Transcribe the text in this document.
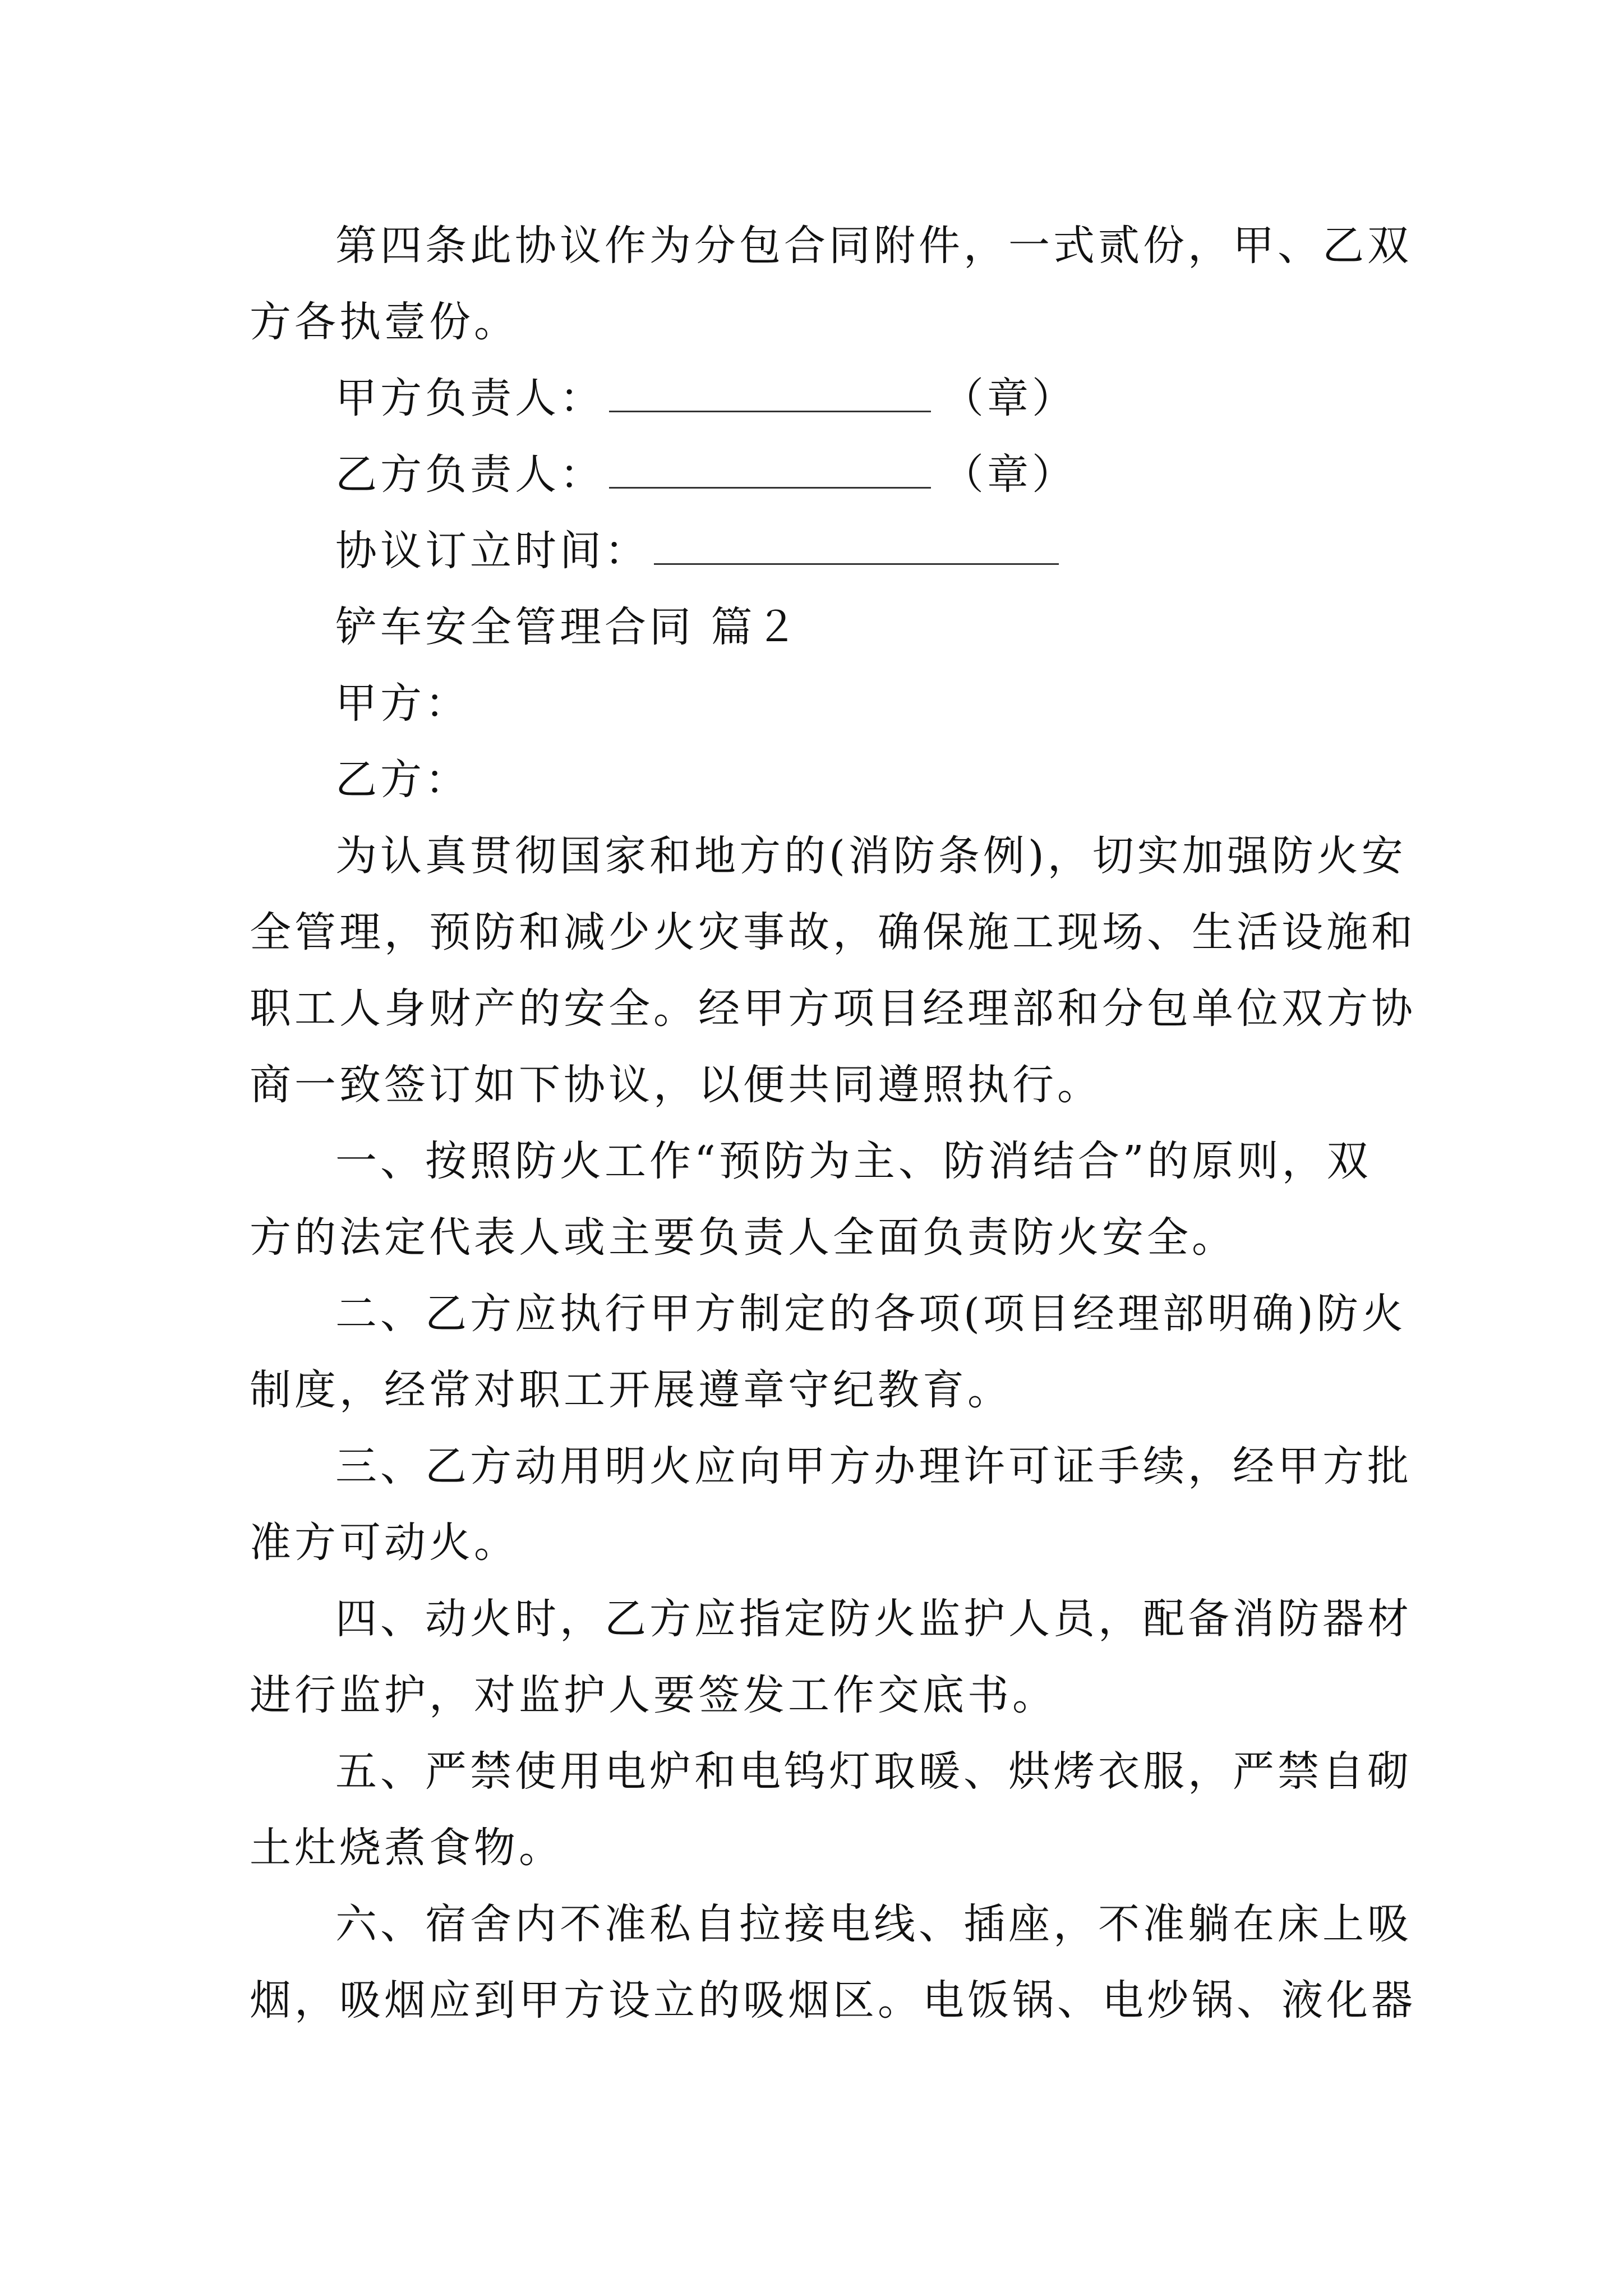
第四条此协议作为分包合同附件，一式贰份，甲、乙双
方各执壹份。
甲方负责人：	（章）
乙方负责人：	（章）
协议订立时间：
铲车安全管理合同 篇２
甲方：
乙方：
为认真贯彻国家和地方的(消防条例)，切实加强防火安
全管理，预防和减少火灾事故，确保施工现场、生活设施和
职工人身财产的安全。经甲方项目经理部和分包单位双方协
商一致签订如下协议，以便共同遵照执行。
一、按照防火工作“预防为主、防消结合”的原则，双
方的法定代表人或主要负责人全面负责防火安全。
二、乙方应执行甲方制定的各项(项目经理部明确)防火
制度，经常对职工开展遵章守纪教育。
三、乙方动用明火应向甲方办理许可证手续，经甲方批
准方可动火。
四、动火时，乙方应指定防火监护人员，配备消防器材
进行监护，对监护人要签发工作交底书。
五、严禁使用电炉和电钨灯取暖、烘烤衣服，严禁自砌
土灶烧煮食物。
六、宿舍内不准私自拉接电线、插座，不准躺在床上吸
烟，吸烟应到甲方设立的吸烟区。电饭锅、电炒锅、液化器
